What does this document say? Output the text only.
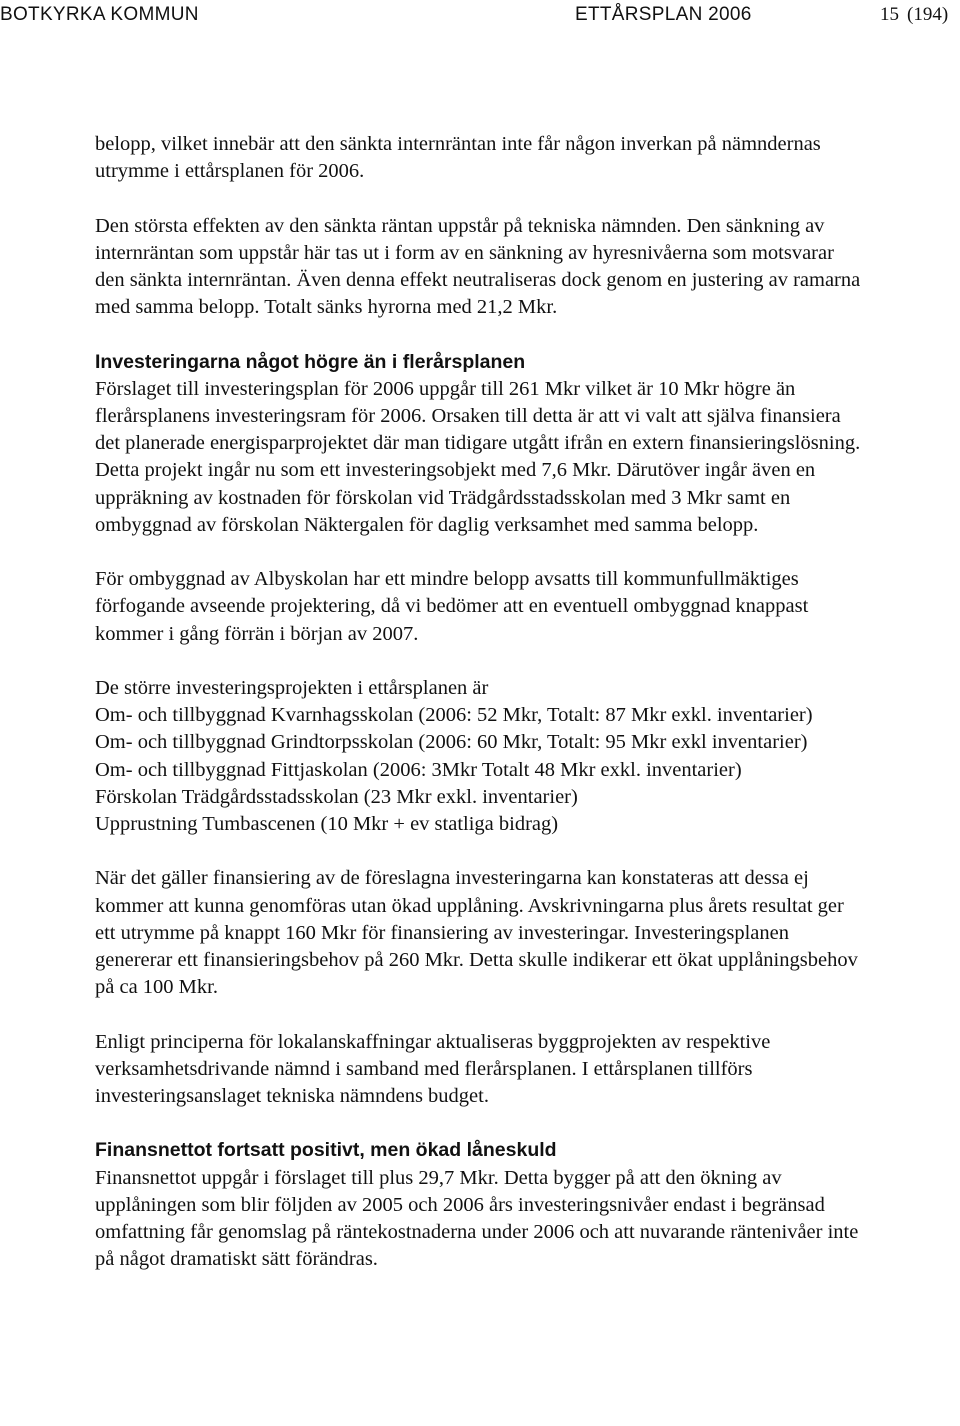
BOTKYRKA KOMMUN	ETTÅRSPLAN 2006	15 (194)

belopp, vilket innebär att den sänkta internräntan inte får någon inverkan på nämndernas utrymme i ettårsplanen för 2006.

Den största effekten av den sänkta räntan uppstår på tekniska nämnden. Den sänkning av internräntan som uppstår här tas ut i form av en sänkning av hyresnivåerna som motsvarar den sänkta internräntan. Även denna effekt neutraliseras dock genom en justering av ramarna med samma belopp. Totalt sänks hyrorna med 21,2 Mkr.

Investeringarna något högre än i flerårsplanen

Förslaget till investeringsplan för 2006 uppgår till 261 Mkr vilket är 10 Mkr högre än flerårsplanens investeringsram för 2006. Orsaken till detta är att vi valt att själva finansiera det planerade energisparprojektet där man tidigare utgått ifrån en extern finansieringslösning. Detta projekt ingår nu som ett investeringsobjekt med 7,6 Mkr. Därutöver ingår även en uppräkning av kostnaden för förskolan vid Trädgårdsstadsskolan med 3 Mkr samt en ombyggnad av förskolan Näktergalen för daglig verksamhet med samma belopp.

För ombyggnad av Albyskolan har ett mindre belopp avsatts till kommunfullmäktiges förfogande avseende projektering, då vi bedömer att en eventuell ombyggnad knappast kommer i gång förrän i början av 2007.

De större investeringsprojekten i ettårsplanen är
Om- och tillbyggnad Kvarnhagsskolan (2006: 52 Mkr, Totalt: 87 Mkr exkl. inventarier)
Om- och tillbyggnad Grindtorpsskolan (2006: 60 Mkr, Totalt: 95 Mkr exkl inventarier)
Om- och tillbyggnad Fittjaskolan (2006: 3Mkr Totalt 48 Mkr exkl. inventarier)
Förskolan Trädgårdsstadsskolan (23 Mkr exkl. inventarier)
Upprustning Tumbascenen (10 Mkr + ev statliga bidrag)

När det gäller finansiering av de föreslagna investeringarna kan konstateras att dessa ej kommer att kunna genomföras utan ökad upplåning. Avskrivningarna plus årets resultat ger ett utrymme på knappt 160 Mkr för finansiering av investeringar. Investeringsplanen genererar ett finansieringsbehov på 260 Mkr. Detta skulle indikerar ett ökat upplåningsbehov på ca 100 Mkr.

Enligt principerna för lokalanskaffningar aktualiseras byggprojekten av respektive verksamhetsdrivande nämnd i samband med flerårsplanen. I ettårsplanen tillförs investeringsanslaget tekniska nämndens budget.

Finansnettot fortsatt positivt, men ökad låneskuld

Finansnettot uppgår i förslaget till plus 29,7 Mkr. Detta bygger på att den ökning av upplåningen som blir följden av 2005 och 2006 års investeringsnivåer endast i begränsad omfattning får genomslag på räntekostnaderna under 2006 och att nuvarande räntenivåer inte på något dramatiskt sätt förändras.
